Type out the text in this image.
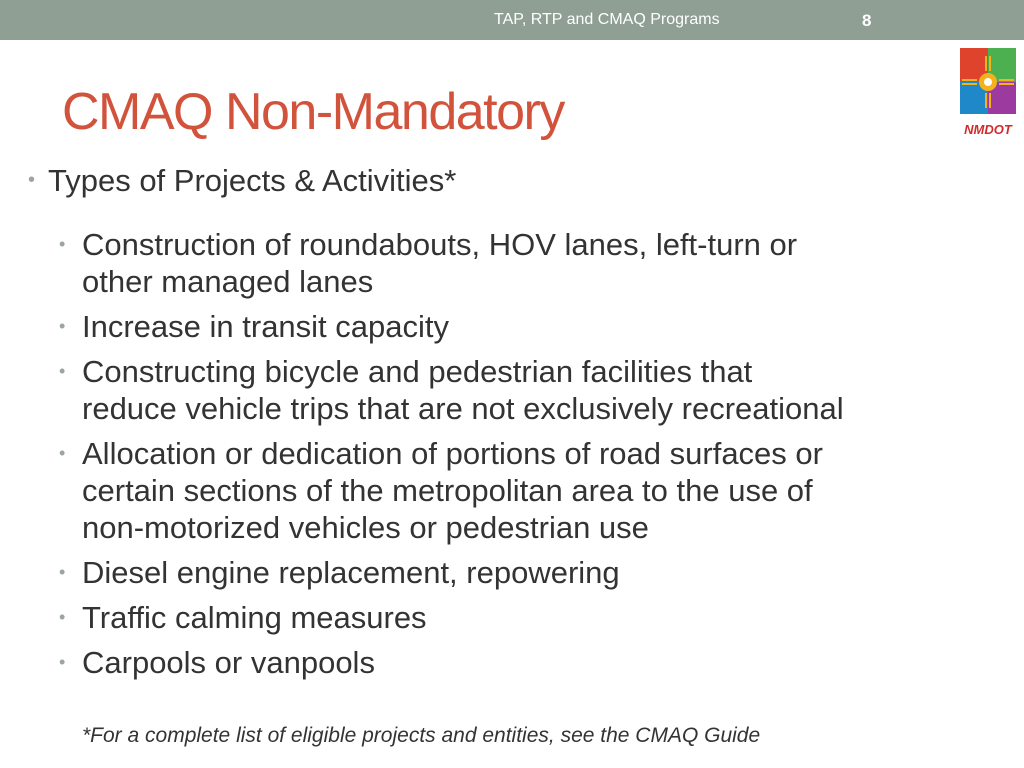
TAP, RTP and CMAQ Programs	8
NMDOT
CMAQ Non-Mandatory
• Types of Projects & Activities*
• Construction of roundabouts, HOV lanes, left-turn or
other managed lanes
• Increase in transit capacity
• Constructing bicycle and pedestrian facilities that
reduce vehicle trips that are not exclusively recreational
• Allocation or dedication of portions of road surfaces or
certain sections of the metropolitan area to the use of
non-motorized vehicles or pedestrian use
• Diesel engine replacement, repowering
• Traffic calming measures
• Carpools or vanpools
*For a complete list of eligible projects and entities, see the CMAQ Guide
